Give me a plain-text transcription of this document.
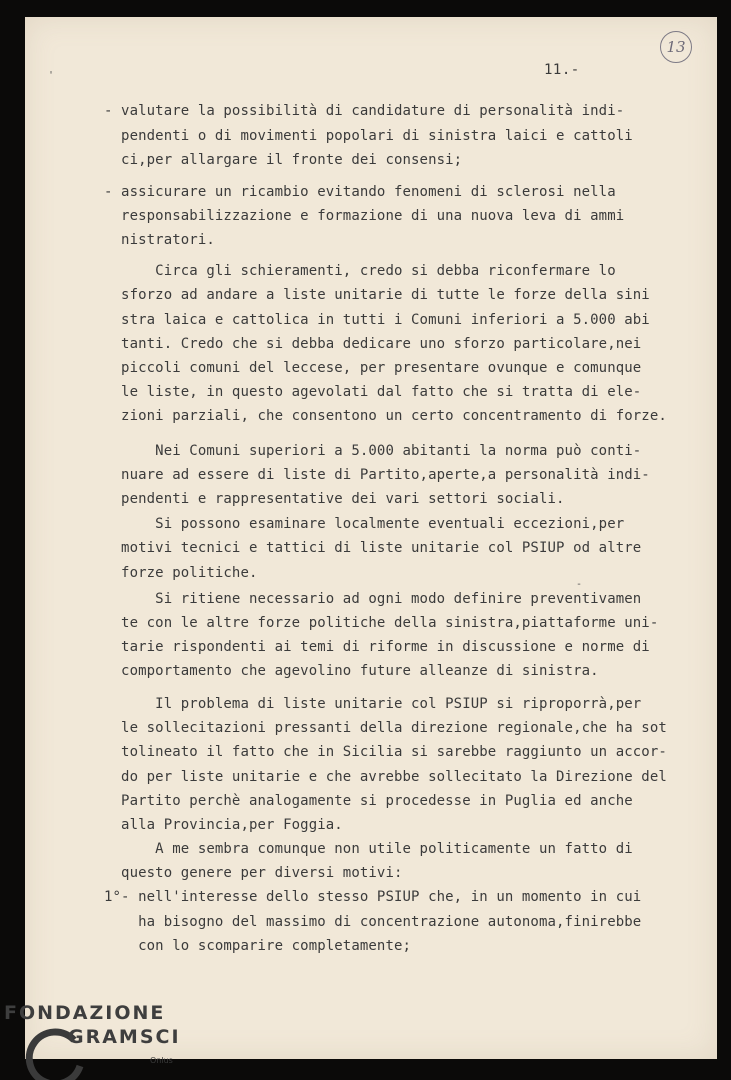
'
-
11.-
13
- valutare la possibilità di candidature di personalità indi-
pendenti o di movimenti popolari di sinistra laici e cattoli
ci,per allargare il fronte dei consensi;
- assicurare un ricambio evitando fenomeni di sclerosi nella
responsabilizzazione e formazione di una nuova leva di ammi
nistratori.
Circa gli schieramenti, credo si debba riconfermare lo
sforzo ad andare a liste unitarie di tutte le forze della sini
stra laica e cattolica in tutti i Comuni inferiori a 5.000 abi
tanti. Credo che si debba dedicare uno sforzo particolare,nei
piccoli comuni del leccese, per presentare ovunque e comunque
le liste, in questo agevolati dal fatto che si tratta di ele-
zioni parziali, che consentono un certo concentramento di forze.
Nei Comuni superiori a 5.000 abitanti la norma può conti-
nuare ad essere di liste di Partito,aperte,a personalità indi-
pendenti e rappresentative dei vari settori sociali.
Si possono esaminare localmente eventuali eccezioni,per
motivi tecnici e tattici di liste unitarie col PSIUP od altre
forze politiche.
Si ritiene necessario ad ogni modo definire preventivamen
te con le altre forze politiche della sinistra,piattaforme uni-
tarie rispondenti ai temi di riforme in discussione e norme di
comportamento che agevolino future alleanze di sinistra.
Il problema di liste unitarie col PSIUP si riproporrà,per
le sollecitazioni pressanti della direzione regionale,che ha sot
tolineato il fatto che in Sicilia si sarebbe raggiunto un accor-
do per liste unitarie e che avrebbe sollecitato la Direzione del
Partito perchè analogamente si procedesse in Puglia ed anche
alla Provincia,per Foggia.
A me sembra comunque non utile politicamente un fatto di
questo genere per diversi motivi:
1°- nell'interesse dello stesso PSIUP che, in un momento in cui
ha bisogno del massimo di concentrazione autonoma,finirebbe
con lo scomparire completamente;
FONDAZIONE
GRAMSCI
Onlus
